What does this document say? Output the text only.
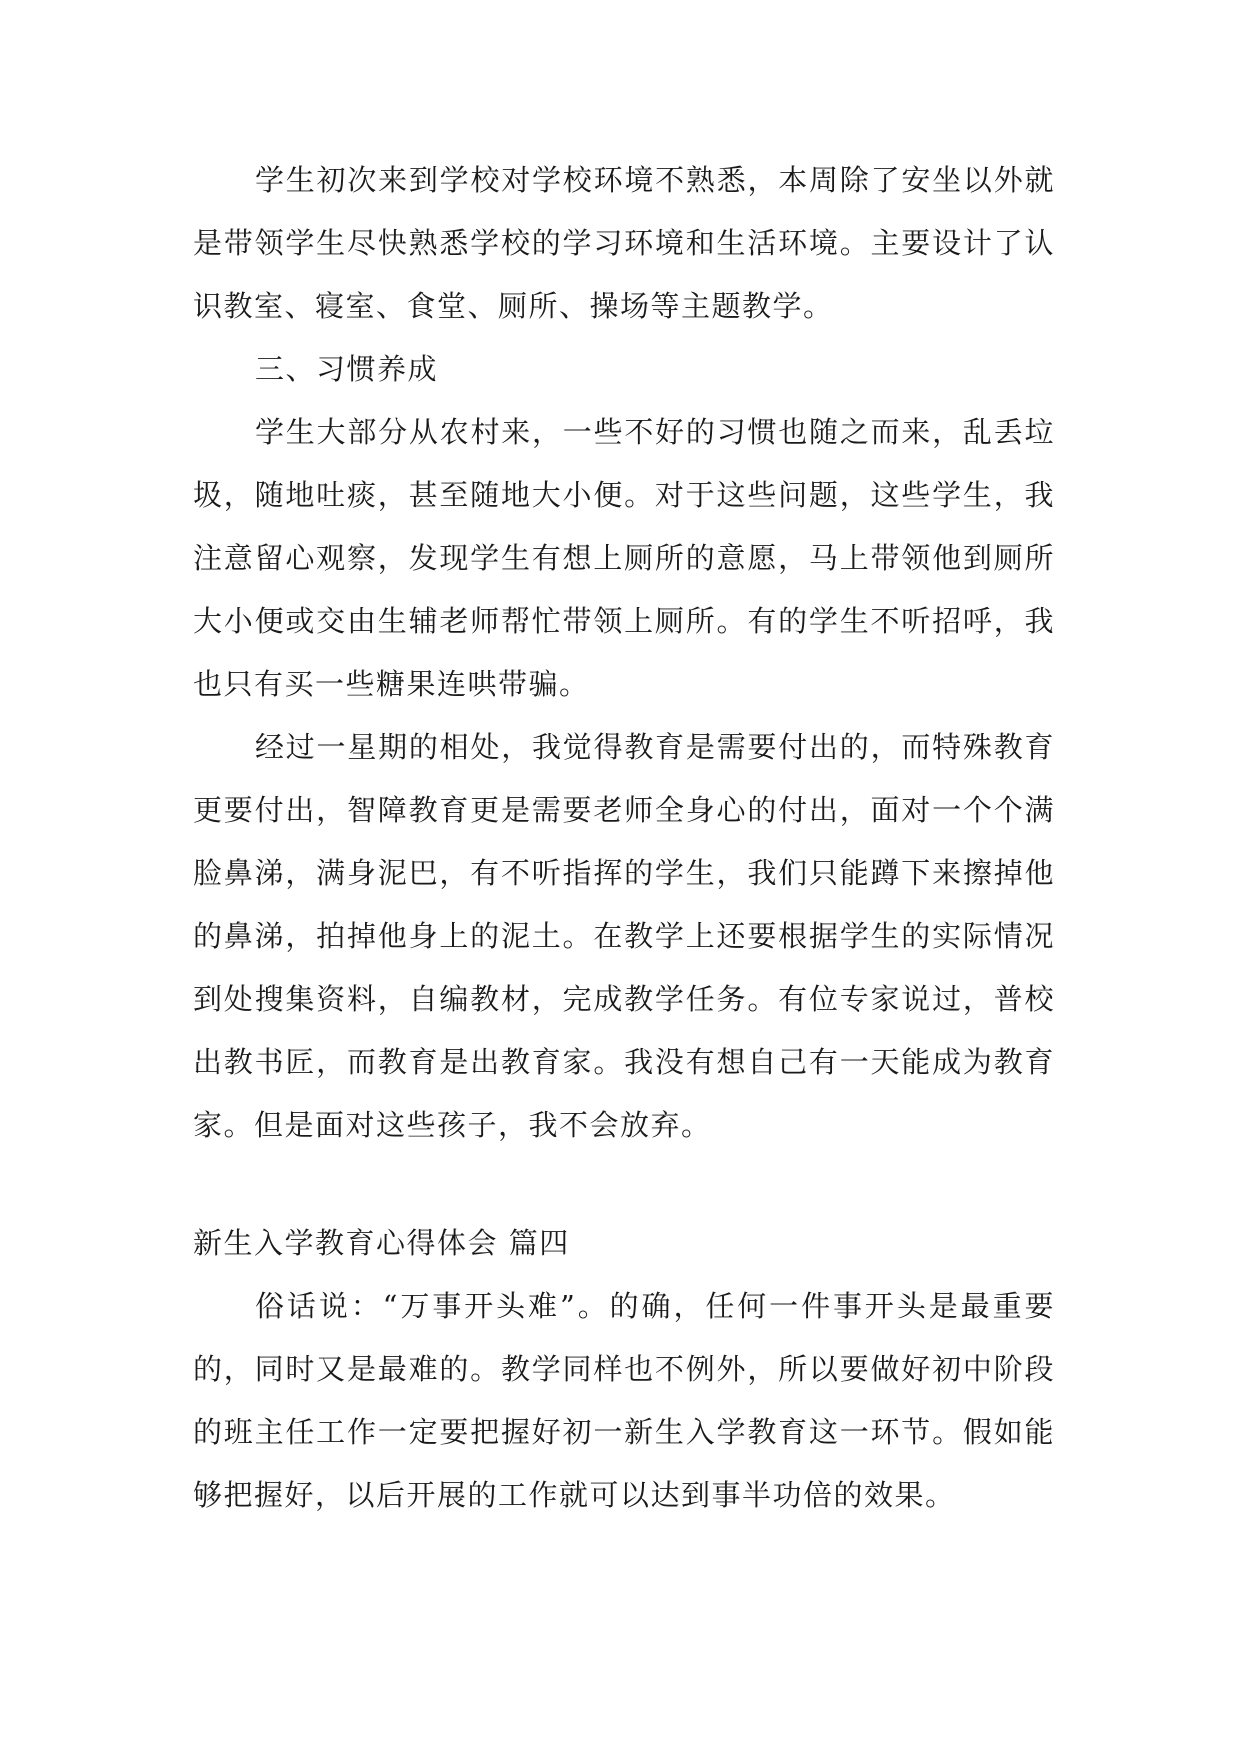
学生初次来到学校对学校环境不熟悉，本周除了安坐以外就是带领学生尽快熟悉学校的学习环境和生活环境。主要设计了认识教室、寝室、食堂、厕所、操场等主题教学。

三、习惯养成

学生大部分从农村来，一些不好的习惯也随之而来，乱丢垃圾，随地吐痰，甚至随地大小便。对于这些问题，这些学生，我注意留心观察，发现学生有想上厕所的意愿，马上带领他到厕所大小便或交由生辅老师帮忙带领上厕所。有的学生不听招呼，我也只有买一些糖果连哄带骗。

经过一星期的相处，我觉得教育是需要付出的，而特殊教育更要付出，智障教育更是需要老师全身心的付出，面对一个个满脸鼻涕，满身泥巴，有不听指挥的学生，我们只能蹲下来擦掉他的鼻涕，拍掉他身上的泥土。在教学上还要根据学生的实际情况到处搜集资料，自编教材，完成教学任务。有位专家说过，普校出教书匠，而教育是出教育家。我没有想自己有一天能成为教育家。但是面对这些孩子，我不会放弃。

新生入学教育心得体会 篇四

俗话说：“万事开头难”。的确，任何一件事开头是最重要的，同时又是最难的。教学同样也不例外，所以要做好初中阶段的班主任工作一定要把握好初一新生入学教育这一环节。假如能够把握好，以后开展的工作就可以达到事半功倍的效果。
